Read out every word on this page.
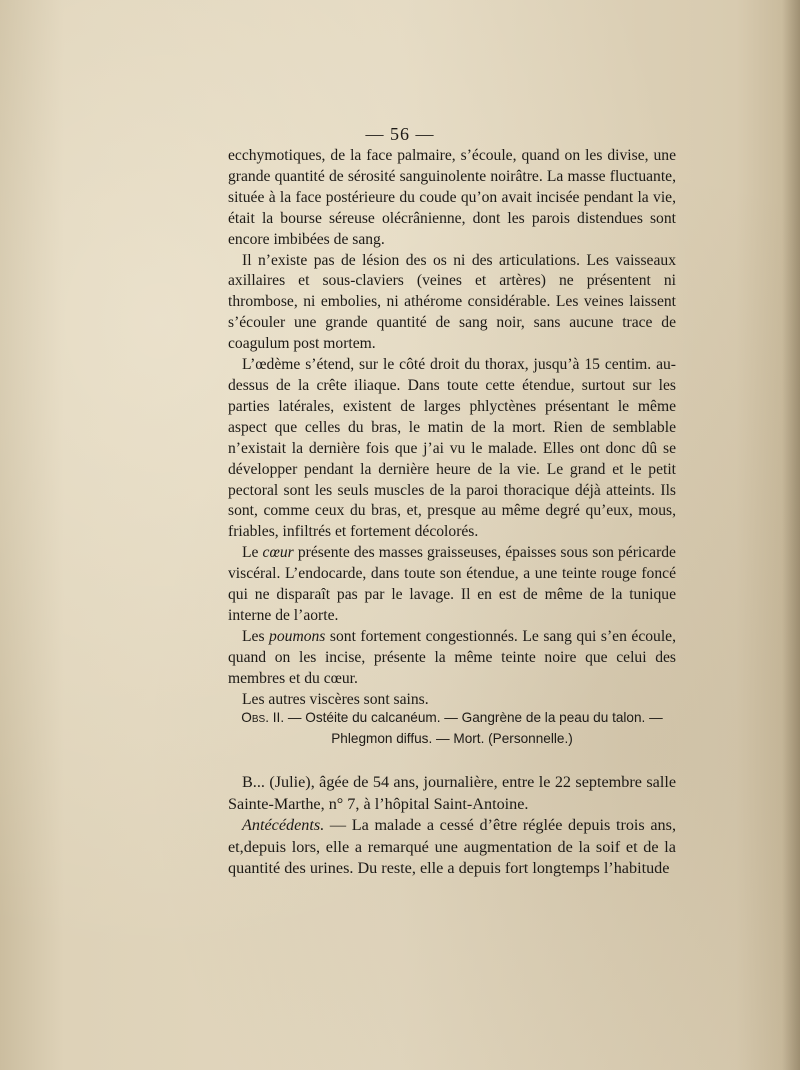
— 56 —

ecchymotiques, de la face palmaire, s’écoule, quand on les divise, une grande quantité de sérosité sanguinolente noirâtre. La masse fluctuante, située à la face postérieure du coude qu’on avait incisée pendant la vie, était la bourse séreuse olécrânienne, dont les parois distendues sont encore imbibées de sang.

Il n’existe pas de lésion des os ni des articulations. Les vaisseaux axillaires et sous-claviers (veines et artères) ne présentent ni thrombose, ni embolies, ni athérome considérable. Les veines laissent s’écouler une grande quantité de sang noir, sans aucune trace de coagulum post mortem.

L’œdème s’étend, sur le côté droit du thorax, jusqu’à 15 centim. au-dessus de la crête iliaque. Dans toute cette étendue, surtout sur les parties latérales, existent de larges phlyctènes présentant le même aspect que celles du bras, le matin de la mort. Rien de semblable n’existait la dernière fois que j’ai vu le malade. Elles ont donc dû se développer pendant la dernière heure de la vie. Le grand et le petit pectoral sont les seuls muscles de la paroi thoracique déjà atteints. Ils sont, comme ceux du bras, et, presque au même degré qu’eux, mous, friables, infiltrés et fortement décolorés.

Le cœur présente des masses graisseuses, épaisses sous son péricarde viscéral. L’endocarde, dans toute son étendue, a une teinte rouge foncé qui ne disparaît pas par le lavage. Il en est de même de la tunique interne de l’aorte.

Les poumons sont fortement congestionnés. Le sang qui s’en écoule, quand on les incise, présente la même teinte noire que celui des membres et du cœur.

Les autres viscères sont sains.

Obs. II. — Ostéite du calcanéum. — Gangrène de la peau du talon. —
Phlegmon diffus. — Mort. (Personnelle.)

B... (Julie), âgée de 54 ans, journalière, entre le 22 septembre salle Sainte-Marthe, n° 7, à l’hôpital Saint-Antoine.

Antécédents. — La malade a cessé d’être réglée depuis trois ans, et,depuis lors, elle a remarqué une augmentation de la soif et de la quantité des urines. Du reste, elle a depuis fort longtemps l’habitude
